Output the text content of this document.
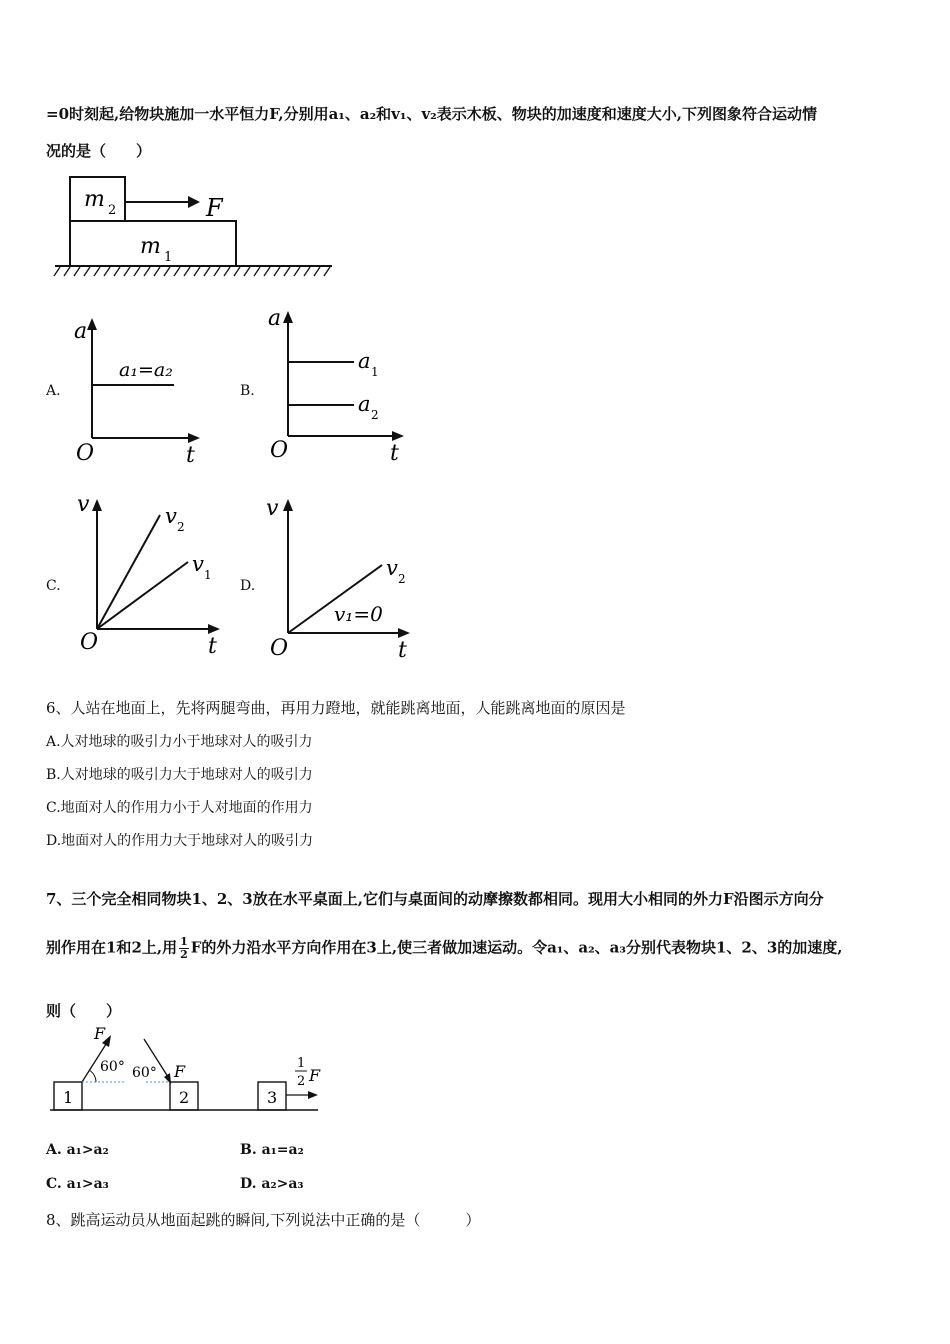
=0时刻起,给物块施加一水平恒力F,分别用a₁、a₂和v₁、v₂表示木板、物块的加速度和速度大小,下列图象符合运动情
况的是（　　）
m 2	F
m 1
A.
a
t
O
a₁=a₂
B.
a
t
O
a 1
a 2
C.
v
t
O
v 2
v 1
D.
v
t
O
v 2
v₁=0
6、人站在地面上，先将两腿弯曲，再用力蹬地，就能跳离地面，人能跳离地面的原因是
A.人对地球的吸引力小于地球对人的吸引力
B.人对地球的吸引力大于地球对人的吸引力
C.地面对人的作用力小于人对地面的作用力
D.地面对人的作用力大于地球对人的吸引力
7、三个完全相同物块1、2、3放在水平桌面上,它们与桌面间的动摩擦数都相同。现用大小相同的外力F沿图示方向分
别作用在1和2上,用 $\frac{1}{2}$ F的外力沿水平方向作用在3上,使三者做加速运动。令a₁、a₂、a₃分别代表物块1、2、3的加速度,
则（　　）
1	2	3
F
60° 60° F	1
2 F
A. a₁>a₂	B. a₁=a₂
C. a₁>a₃	D. a₂>a₃
8、跳高运动员从地面起跳的瞬间,下列说法中正确的是（　　　）
